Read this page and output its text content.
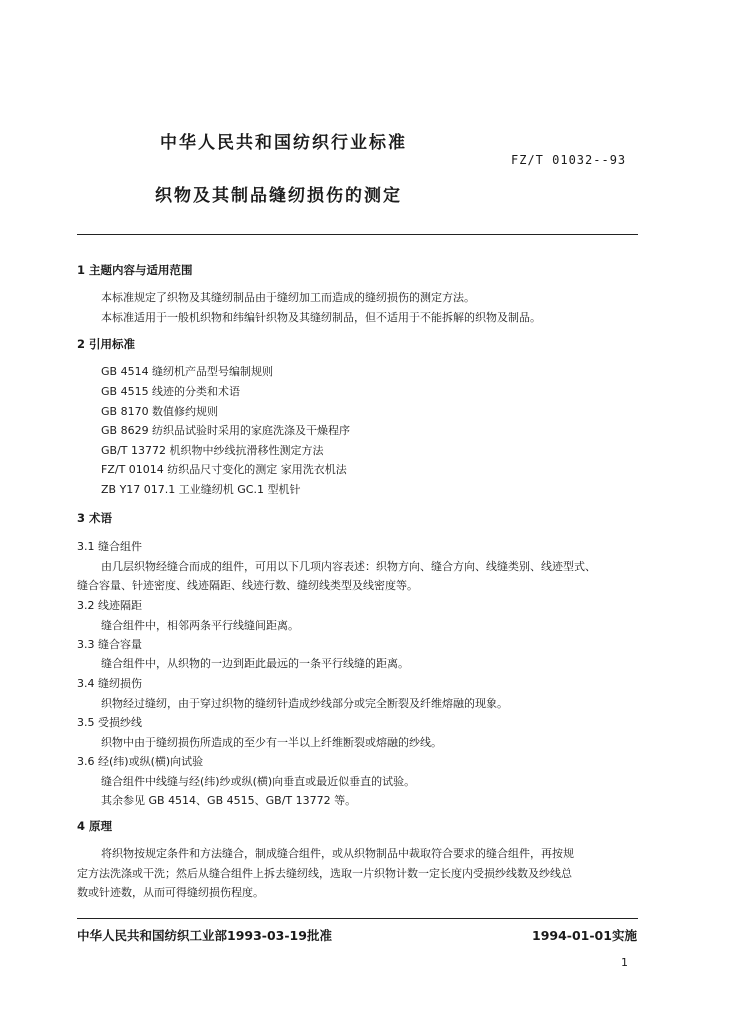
中华人民共和国纺织行业标准
FZ/T 01032--93
织物及其制品缝纫损伤的测定
1 主题内容与适用范围
本标准规定了织物及其缝纫制品由于缝纫加工而造成的缝纫损伤的测定方法。
本标准适用于一般机织物和纬编针织物及其缝纫制品，但不适用于不能拆解的织物及制品。
2 引用标准
GB 4514 缝纫机产品型号编制规则
GB 4515 线迹的分类和术语
GB 8170 数值修约规则
GB 8629 纺织品试验时采用的家庭洗涤及干燥程序
GB/T 13772 机织物中纱线抗滑移性测定方法
FZ/T 01014 纺织品尺寸变化的测定 家用洗衣机法
ZB Y17 017.1 工业缝纫机 GC.1 型机针
3 术语
3.1 缝合组件
由几层织物经缝合而成的组件，可用以下几项内容表述：织物方向、缝合方向、线缝类别、线迹型式、
缝合容量、针迹密度、线迹隔距、线迹行数、缝纫线类型及线密度等。
3.2 线迹隔距
缝合组件中，相邻两条平行线缝间距离。
3.3 缝合容量
缝合组件中，从织物的一边到距此最远的一条平行线缝的距离。
3.4 缝纫损伤
织物经过缝纫，由于穿过织物的缝纫针造成纱线部分或完全断裂及纤维熔融的现象。
3.5 受损纱线
织物中由于缝纫损伤所造成的至少有一半以上纤维断裂或熔融的纱线。
3.6 经(纬)或纵(横)向试验
缝合组件中线缝与经(纬)纱或纵(横)向垂直或最近似垂直的试验。
其余参见 GB 4514、GB 4515、GB/T 13772 等。
4 原理
将织物按规定条件和方法缝合，制成缝合组件，或从织物制品中裁取符合要求的缝合组件，再按规
定方法洗涤或干洗；然后从缝合组件上拆去缝纫线，选取一片织物计数一定长度内受损纱线数及纱线总
数或针迹数，从而可得缝纫损伤程度。
中华人民共和国纺织工业部1993-03-19批准	1994-01-01实施
1
